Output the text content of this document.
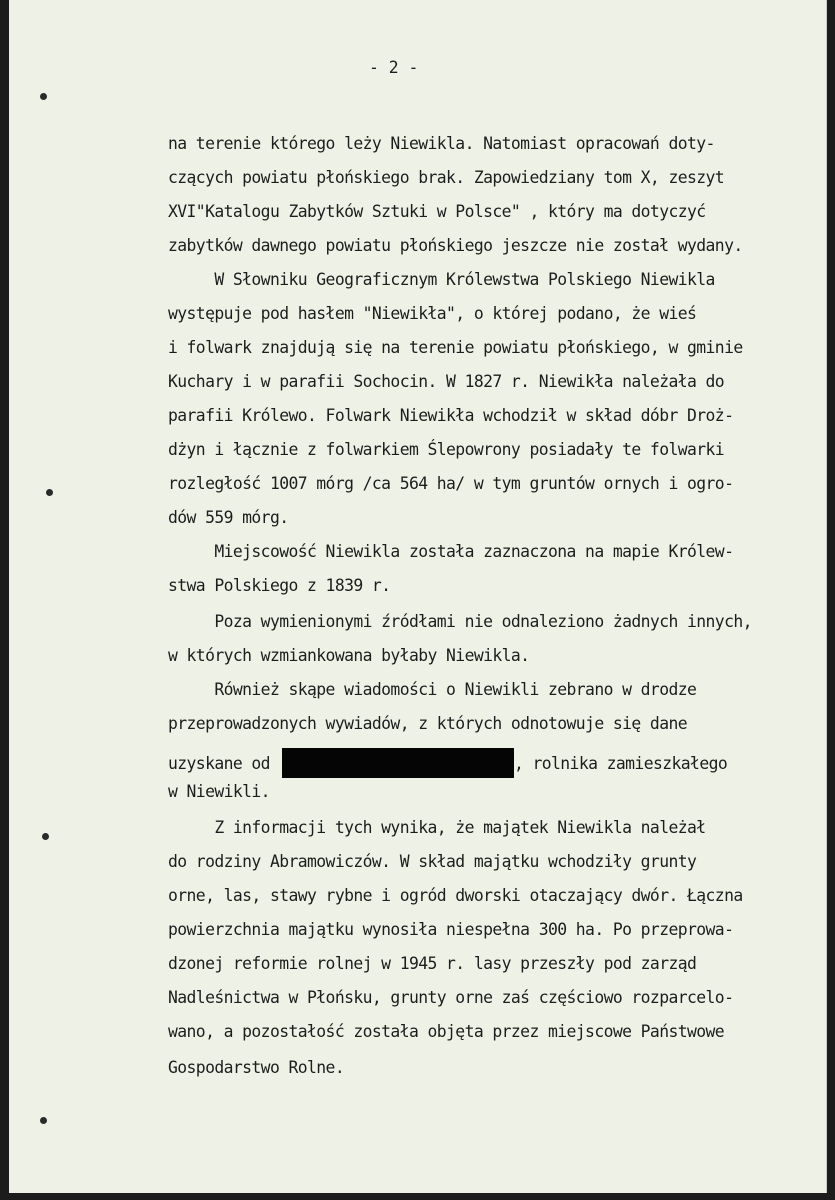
- 2 -

na terenie którego leży Niewikla. Natomiast opracowań doty-

czących powiatu płońskiego brak. Zapowiedziany tom X, zeszyt

XVI"Katalogu Zabytków Sztuki w Polsce" , który ma dotyczyć

zabytków dawnego powiatu płońskiego jeszcze nie został wydany.

W Słowniku Geograficznym Królewstwa Polskiego Niewikla

występuje pod hasłem "Niewikła", o której podano, że wieś

i folwark znajdują się na terenie powiatu płońskiego, w gminie

Kuchary i w parafii Sochocin. W 1827 r. Niewikła należała do

parafii Królewo. Folwark Niewikła wchodził w skład dóbr Droż-

dżyn i łącznie z folwarkiem Ślepowrony posiadały te folwarki

rozległość 1007 mórg /ca 564 ha/ w tym gruntów ornych i ogro-

dów 559 mórg.

Miejscowość Niewikla została zaznaczona na mapie Królew-

stwa Polskiego z 1839 r.

Poza wymienionymi źródłami nie odnaleziono żadnych innych,

w których wzmiankowana byłaby Niewikla.

Również skąpe wiadomości o Niewikli zebrano w drodze

przeprowadzonych wywiadów, z których odnotowuje się dane

uzyskane od	, rolnika zamieszkałego

w Niewikli.

Z informacji tych wynika, że majątek Niewikla należał

do rodziny Abramowiczów. W skład majątku wchodziły grunty

orne, las, stawy rybne i ogród dworski otaczający dwór. Łączna

powierzchnia majątku wynosiła niespełna 300 ha. Po przeprowa-

dzonej reformie rolnej w 1945 r. lasy przeszły pod zarząd

Nadleśnictwa w Płońsku, grunty orne zaś częściowo rozparcelo-

wano, a pozostałość została objęta przez miejscowe Państwowe

Gospodarstwo Rolne.
